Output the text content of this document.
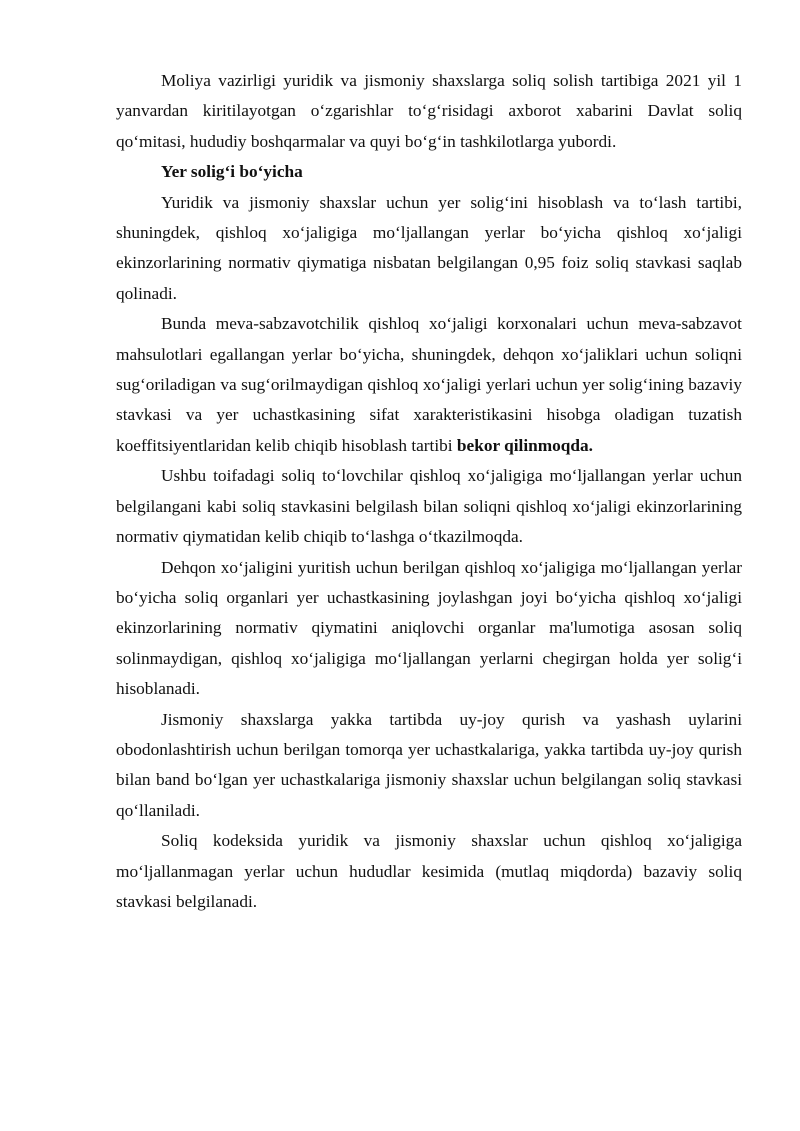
Moliya vazirligi yuridik va jismoniy shaxslarga soliq solish tartibiga 2021 yil 1 yanvardan kiritilayotgan o‘zgarishlar to‘g‘risidagi axborot xabarini Davlat soliq qo‘mitasi, hududiy boshqarmalar va quyi bo‘g‘in tashkilotlarga yubordi.

Yer solig‘i bo‘yicha

Yuridik va jismoniy shaxslar uchun yer solig‘ini hisoblash va to‘lash tartibi, shuningdek, qishloq xo‘jaligiga mo‘ljallangan yerlar bo‘yicha qishloq xo‘jaligi ekinzorlarining normativ qiymatiga nisbatan belgilangan 0,95 foiz soliq stavkasi saqlab qolinadi.

Bunda meva-sabzavotchilik qishloq xo‘jaligi korxonalari uchun meva-sabzavot mahsulotlari egallangan yerlar bo‘yicha, shuningdek, dehqon xo‘jaliklari uchun soliqni sug‘oriladigan va sug‘orilmaydigan qishloq xo‘jaligi yerlari uchun yer solig‘ining bazaviy stavkasi va yer uchastkasining sifat xarakteristikasini hisobga oladigan tuzatish koeffitsiyentlaridan kelib chiqib hisoblash tartibi bekor qilinmoqda.

Ushbu toifadagi soliq to‘lovchilar qishloq xo‘jaligiga mo‘ljallangan yerlar uchun belgilangani kabi soliq stavkasini belgilash bilan soliqni qishloq xo‘jaligi ekinzorlarining normativ qiymatidan kelib chiqib to‘lashga o‘tkazilmoqda.

Dehqon xo‘jaligini yuritish uchun berilgan qishloq xo‘jaligiga mo‘ljallangan yerlar bo‘yicha soliq organlari yer uchastkasining joylashgan joyi bo‘yicha qishloq xo‘jaligi ekinzorlarining normativ qiymatini aniqlovchi organlar ma'lumotiga asosan soliq solinmaydigan, qishloq xo‘jaligiga mo‘ljallangan yerlarni chegirgan holda yer solig‘i hisoblanadi.

Jismoniy shaxslarga yakka tartibda uy-joy qurish va yashash uylarini obodonlashtirish uchun berilgan tomorqa yer uchastkalariga, yakka tartibda uy-joy qurish bilan band bo‘lgan yer uchastkalariga jismoniy shaxslar uchun belgilangan soliq stavkasi qo‘llaniladi.

Soliq kodeksida yuridik va jismoniy shaxslar uchun qishloq xo‘jaligiga mo‘ljallanmagan yerlar uchun hududlar kesimida (mutlaq miqdorda) bazaviy soliq stavkasi belgilanadi.
